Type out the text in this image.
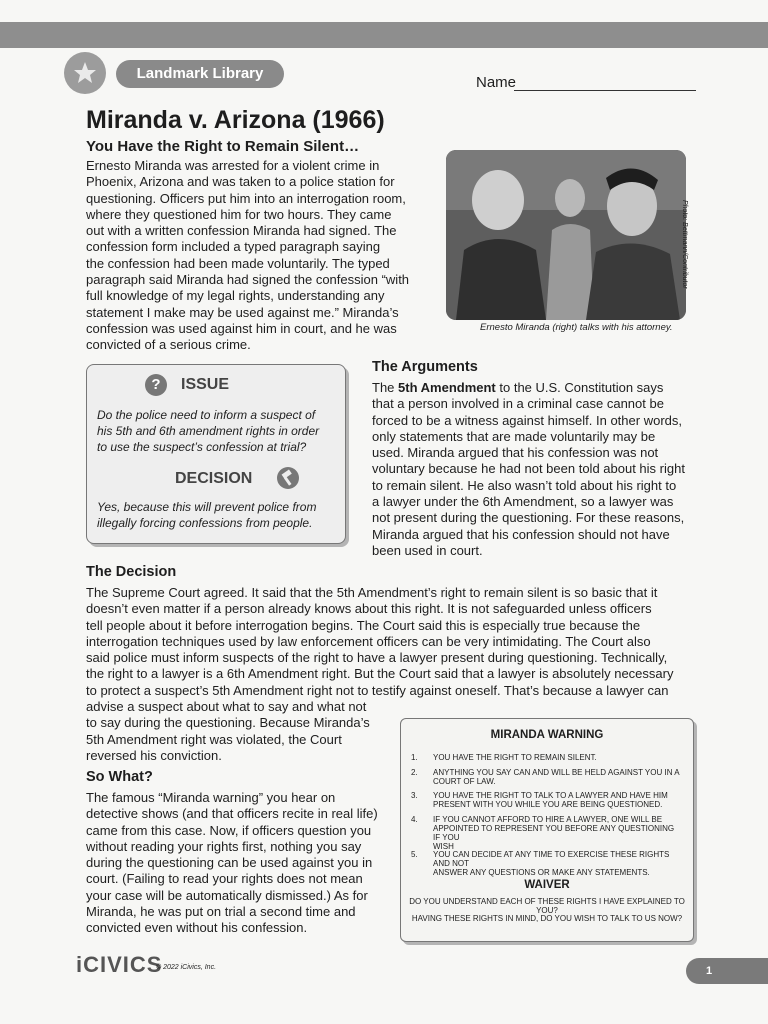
Landmark Library
Name
Miranda v. Arizona (1966)
You Have the Right to Remain Silent…
Ernesto Miranda was arrested for a violent crime in
Phoenix, Arizona and was taken to a police station for
questioning. Officers put him into an interrogation room,
where they questioned him for two hours. They came
out with a written confession Miranda had signed. The
confession form included a typed paragraph saying
the confession had been made voluntarily. The typed
paragraph said Miranda had signed the confession “with
full knowledge of my legal rights, understanding any
statement I make may be used against me.” Miranda’s
confession was used against him in court, and he was
convicted of a serious crime.
Photo: Bettmann/Contributor
Ernesto Miranda (right) talks with his attorney.
?	ISSUE
Do the police need to inform a suspect of
his 5th and 6th amendment rights in order
to use the suspect’s confession at trial?
DECISION
Yes, because this will prevent police from
illegally forcing confessions from people.
The Arguments
The 5th Amendment to the U.S. Constitution says
that a person involved in a criminal case cannot be
forced to be a witness against himself. In other words,
only statements that are made voluntarily may be
used. Miranda argued that his confession was not
voluntary because he had not been told about his right
to remain silent. He also wasn’t told about his right to
a lawyer under the 6th Amendment, so a lawyer was
not present during the questioning. For these reasons,
Miranda argued that his confession should not have
been used in court.
The Decision
The Supreme Court agreed. It said that the 5th Amendment’s right to remain silent is so basic that it
doesn’t even matter if a person already knows about this right. It is not safeguarded unless officers
tell people about it before interrogation begins. The Court said this is especially true because the
interrogation techniques used by law enforcement officers can be very intimidating. The Court also
said police must inform suspects of the right to have a lawyer present during questioning. Technically,
the right to a lawyer is a 6th Amendment right. But the Court said that a lawyer is absolutely necessary
to protect a suspect’s 5th Amendment right not to testify against oneself. That’s because a lawyer can
advise a suspect about what to say and what not
to say during the questioning. Because Miranda’s
5th Amendment right was violated, the Court
reversed his conviction.
So What?
The famous “Miranda warning” you hear on
detective shows (and that officers recite in real life)
came from this case. Now, if officers question you
without reading your rights first, nothing you say
during the questioning can be used against you in
court. (Failing to read your rights does not mean
your case will be automatically dismissed.) As for
Miranda, he was put on trial a second time and
convicted even without his confession.
MIRANDA WARNING
1. YOU HAVE THE RIGHT TO REMAIN SILENT.
2. ANYTHING YOU SAY CAN AND WILL BE HELD AGAINST YOU IN A
COURT OF LAW.
3. YOU HAVE THE RIGHT TO TALK TO A LAWYER AND HAVE HIM
PRESENT WITH YOU WHILE YOU ARE BEING QUESTIONED.
4. IF YOU CANNOT AFFORD TO HIRE A LAWYER, ONE WILL BE
APPOINTED TO REPRESENT YOU BEFORE ANY QUESTIONING IF YOU
WISH
5. YOU CAN DECIDE AT ANY TIME TO EXERCISE THESE RIGHTS AND NOT
ANSWER ANY QUESTIONS OR MAKE ANY STATEMENTS.
WAIVER
DO YOU UNDERSTAND EACH OF THESE RIGHTS I HAVE EXPLAINED TO YOU?
HAVING THESE RIGHTS IN MIND, DO YOU WISH TO TALK TO US NOW?
iCIVICS
© 2022 iCivics, Inc.	1
